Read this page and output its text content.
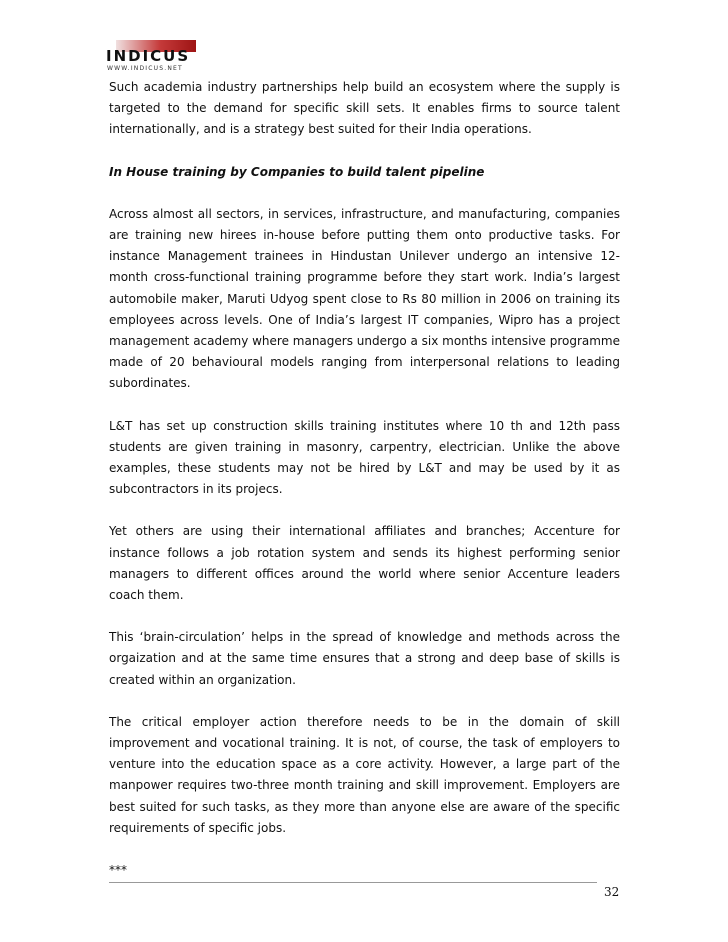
INDICUS
WWW.INDICUS.NET

Such academia industry partnerships help build an ecosystem where the supply is targeted to the demand for specific skill sets. It enables firms to source talent internationally, and is a strategy best suited for their India operations.

In House training by Companies to build talent pipeline

Across almost all sectors, in services, infrastructure, and manufacturing, companies are training new hirees in-house before putting them onto productive tasks. For instance Management trainees in Hindustan Unilever undergo an intensive 12-month cross-functional training programme before they start work. India’s largest automobile maker, Maruti Udyog spent close to Rs 80 million in 2006 on training its employees across levels. One of India’s largest IT companies, Wipro has a project management academy where managers undergo a six months intensive programme made of 20 behavioural models ranging from interpersonal relations to leading subordinates.

L&T has set up construction skills training institutes where 10 th and 12th pass students are given training in masonry, carpentry, electrician. Unlike the above examples, these students may not be hired by L&T and may be used by it as subcontractors in its projecs.

Yet others are using their international affiliates and branches; Accenture for instance follows a job rotation system and sends its highest performing senior managers to different offices around the world where senior Accenture leaders coach them.

This ‘brain-circulation’ helps in the spread of knowledge and methods across the orgaization and at the same time ensures that a strong and deep base of skills is created within an organization.

The critical employer action therefore needs to be in the domain of skill improvement and vocational training. It is not, of course, the task of employers to venture into the education space as a core activity. However, a large part of the manpower requires two-three month training and skill improvement. Employers are best suited for such tasks, as they more than anyone else are aware of the specific requirements of specific jobs.

***

32
